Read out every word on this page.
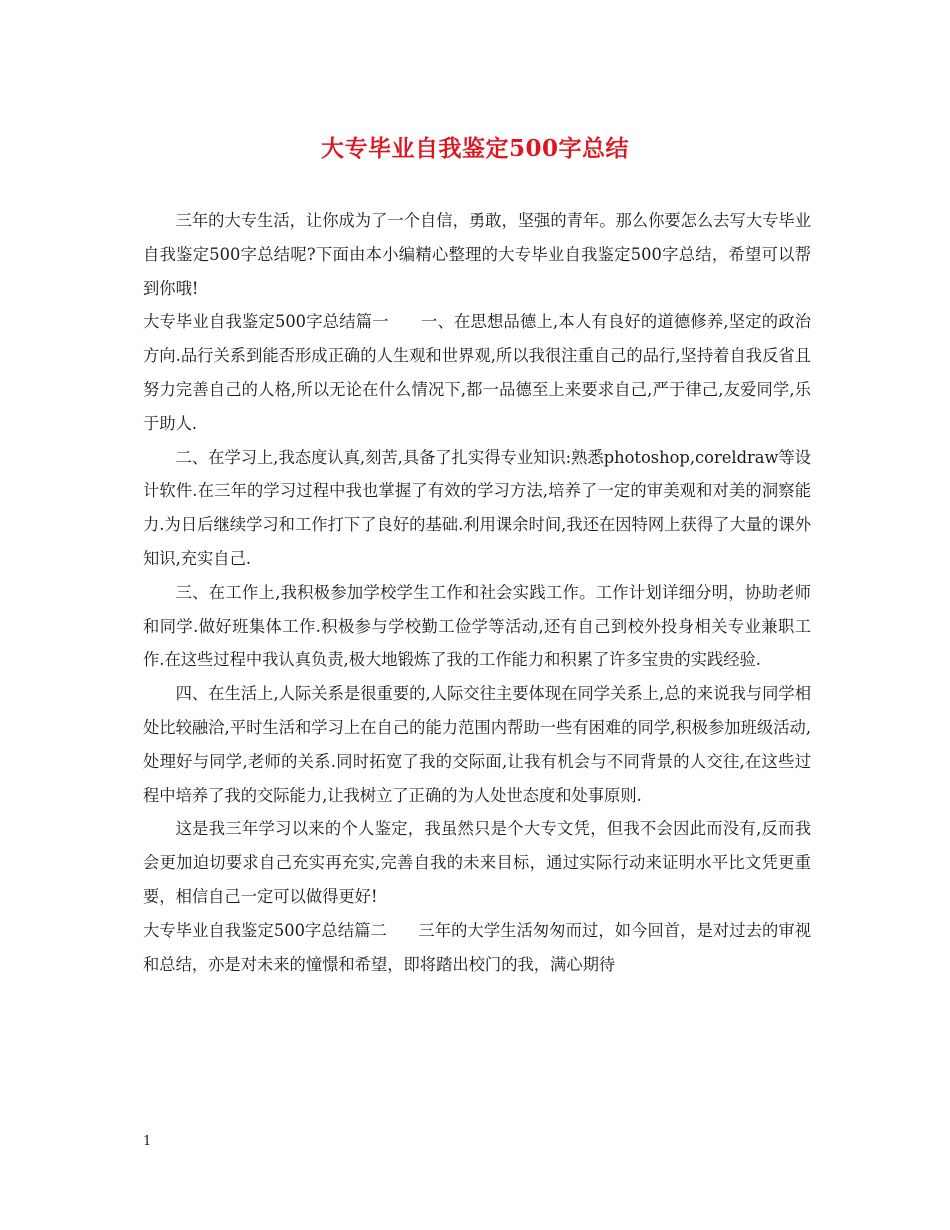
大专毕业自我鉴定500字总结

三年的大专生活，让你成为了一个自信，勇敢，坚强的青年。那么你要怎么去写大专毕业自我鉴定500字总结呢?下面由本小编精心整理的大专毕业自我鉴定500字总结，希望可以帮到你哦!

大专毕业自我鉴定500字总结篇一      一、在思想品德上,本人有良好的道德修养,坚定的政治方向.品行关系到能否形成正确的人生观和世界观,所以我很注重自己的品行,坚持着自我反省且努力完善自己的人格,所以无论在什么情况下,都一品德至上来要求自己,严于律己,友爱同学,乐于助人.

二、在学习上,我态度认真,刻苦,具备了扎实得专业知识:熟悉photoshop,coreldraw等设计软件.在三年的学习过程中我也掌握了有效的学习方法,培养了一定的审美观和对美的洞察能力.为日后继续学习和工作打下了良好的基础.利用课余时间,我还在因特网上获得了大量的课外知识,充实自己.

三、在工作上,我积极参加学校学生工作和社会实践工作。工作计划详细分明，协助老师和同学.做好班集体工作.积极参与学校勤工俭学等活动,还有自己到校外投身相关专业兼职工作.在这些过程中我认真负责,极大地锻炼了我的工作能力和积累了许多宝贵的实践经验.

四、在生活上,人际关系是很重要的,人际交往主要体现在同学关系上,总的来说我与同学相处比较融洽,平时生活和学习上在自己的能力范围内帮助一些有困难的同学,积极参加班级活动,处理好与同学,老师的关系.同时拓宽了我的交际面,让我有机会与不同背景的人交往,在这些过程中培养了我的交际能力,让我树立了正确的为人处世态度和处事原则.

这是我三年学习以来的个人鉴定，我虽然只是个大专文凭，但我不会因此而没有,反而我会更加迫切要求自己充实再充实,完善自我的未来目标，通过实际行动来证明水平比文凭更重要，相信自己一定可以做得更好!

大专毕业自我鉴定500字总结篇二      三年的大学生活匆匆而过，如今回首，是对过去的审视和总结，亦是对未来的憧憬和希望，即将踏出校门的我，满心期待

1
